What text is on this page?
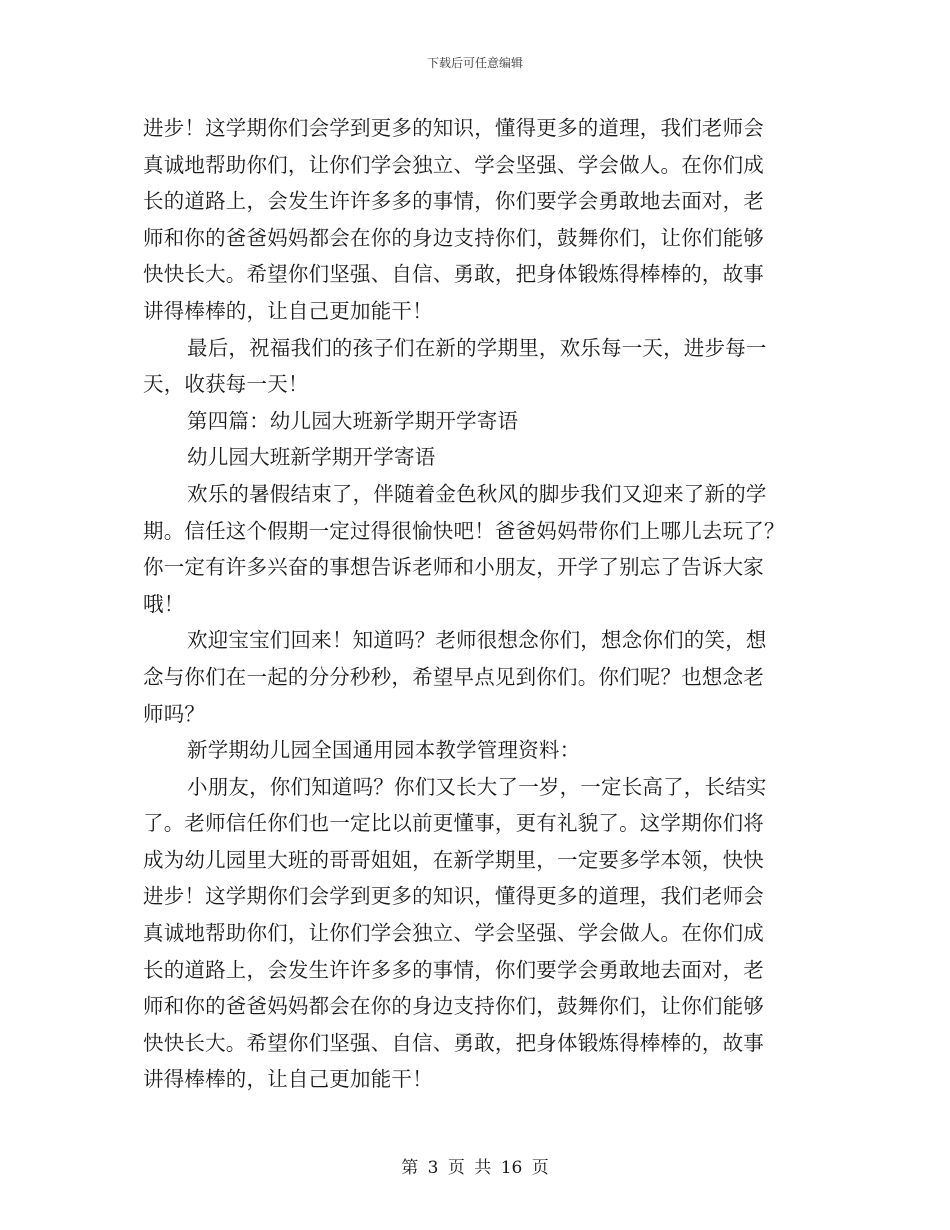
下载后可任意编辑
进步！这学期你们会学到更多的知识，懂得更多的道理，我们老师会
真诚地帮助你们，让你们学会独立、学会坚强、学会做人。在你们成
长的道路上，会发生许许多多的事情，你们要学会勇敢地去面对，老
师和你的爸爸妈妈都会在你的身边支持你们，鼓舞你们，让你们能够
快快长大。希望你们坚强、自信、勇敢，把身体锻炼得棒棒的，故事
讲得棒棒的，让自己更加能干！
最后，祝福我们的孩子们在新的学期里，欢乐每一天，进步每一
天，收获每一天！
第四篇：幼儿园大班新学期开学寄语
幼儿园大班新学期开学寄语
欢乐的暑假结束了，伴随着金色秋风的脚步我们又迎来了新的学
期。信任这个假期一定过得很愉快吧！爸爸妈妈带你们上哪儿去玩了？
你一定有许多兴奋的事想告诉老师和小朋友，开学了别忘了告诉大家
哦！
欢迎宝宝们回来！知道吗？老师很想念你们，想念你们的笑，想
念与你们在一起的分分秒秒，希望早点见到你们。你们呢？也想念老
师吗？
新学期幼儿园全国通用园本教学管理资料：
小朋友，你们知道吗？你们又长大了一岁，一定长高了，长结实
了。老师信任你们也一定比以前更懂事，更有礼貌了。这学期你们将
成为幼儿园里大班的哥哥姐姐，在新学期里，一定要多学本领，快快
进步！这学期你们会学到更多的知识，懂得更多的道理，我们老师会
真诚地帮助你们，让你们学会独立、学会坚强、学会做人。在你们成
长的道路上，会发生许许多多的事情，你们要学会勇敢地去面对，老
师和你的爸爸妈妈都会在你的身边支持你们，鼓舞你们，让你们能够
快快长大。希望你们坚强、自信、勇敢，把身体锻炼得棒棒的，故事
讲得棒棒的，让自己更加能干！
第 3 页 共 16 页
